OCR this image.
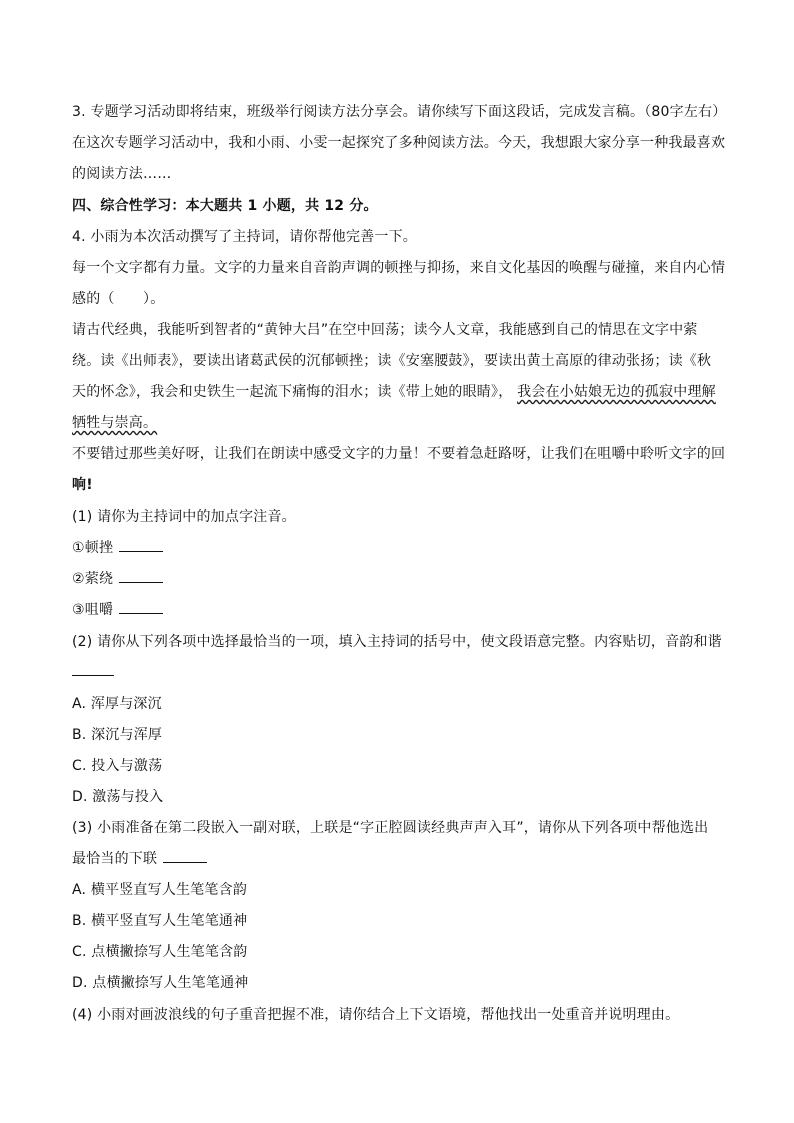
3. 专题学习活动即将结束，班级举行阅读方法分享会。请你续写下面这段话，完成发言稿。（80字左右）
在这次专题学习活动中，我和小雨、小雯一起探究了多种阅读方法。今天，我想跟大家分享一种我最喜欢
的阅读方法……
四、综合性学习：本大题共 1 小题，共 12 分。
4. 小雨为本次活动撰写了主持词，请你帮他完善一下。
每一个文字都有力量。文字的力量来自音韵声调的顿挫与抑扬，来自文化基因的唤醒与碰撞，来自内心情
感的（　　）。
请古代经典，我能听到智者的“黄钟大吕”在空中回荡；读今人文章，我能感到自己的情思在文字中萦
绕。读《出师表》，要读出诸葛武侯的沉郁顿挫；读《安塞腰鼓》，要读出黄土高原的律动张扬；读《秋
天的怀念》，我会和史铁生一起流下痛悔的泪水；读《带上她的眼睛》， 我会在小姑娘无边的孤寂中理解
牺牲与崇高。
不要错过那些美好呀，让我们在朗读中感受文字的力量！不要着急赶路呀，让我们在咀嚼中聆听文字的回
响!
(1) 请你为主持词中的加点字注音。
①顿挫
②萦绕
③咀嚼
(2) 请你从下列各项中选择最恰当的一项，填入主持词的括号中，使文段语意完整。内容贴切，音韵和谐
A. 浑厚与深沉
B. 深沉与浑厚
C. 投入与激荡
D. 激荡与投入
(3) 小雨准备在第二段嵌入一副对联，上联是“字正腔圆读经典声声入耳”，请你从下列各项中帮他选出
最恰当的下联
A. 横平竖直写人生笔笔含韵
B. 横平竖直写人生笔笔通神
C. 点横撇捺写人生笔笔含韵
D. 点横撇捺写人生笔笔通神
(4) 小雨对画波浪线的句子重音把握不准，请你结合上下文语境，帮他找出一处重音并说明理由。
